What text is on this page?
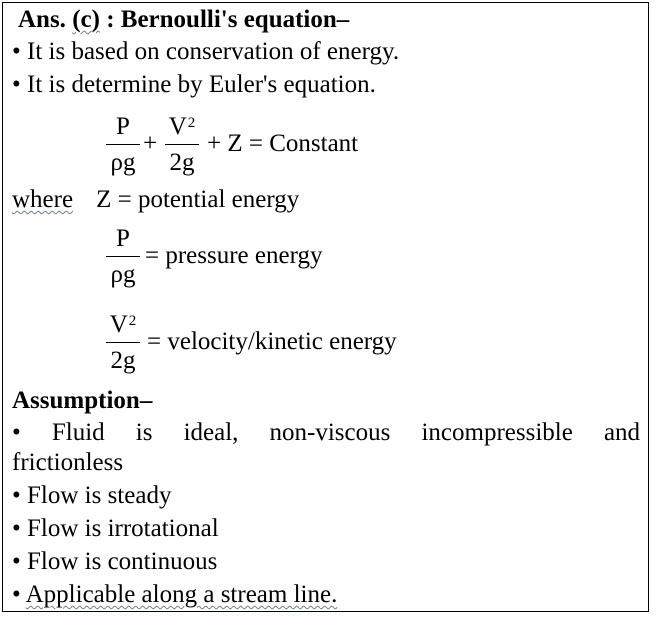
Ans. (c) : Bernoulli's equation–
• It is based on conservation of energy.
• It is determine by Euler's equation.
P
ρg
+
$V^2$
2g
+ Z = Constant
where Z = potential energy
P
ρg
= pressure energy
$V^2$
2g
= velocity/kinetic energy
Assumption–
• Fluid is ideal, non-viscous incompressible and
frictionless
• Flow is steady
• Flow is irrotational
• Flow is continuous
• Applicable along a stream line.
